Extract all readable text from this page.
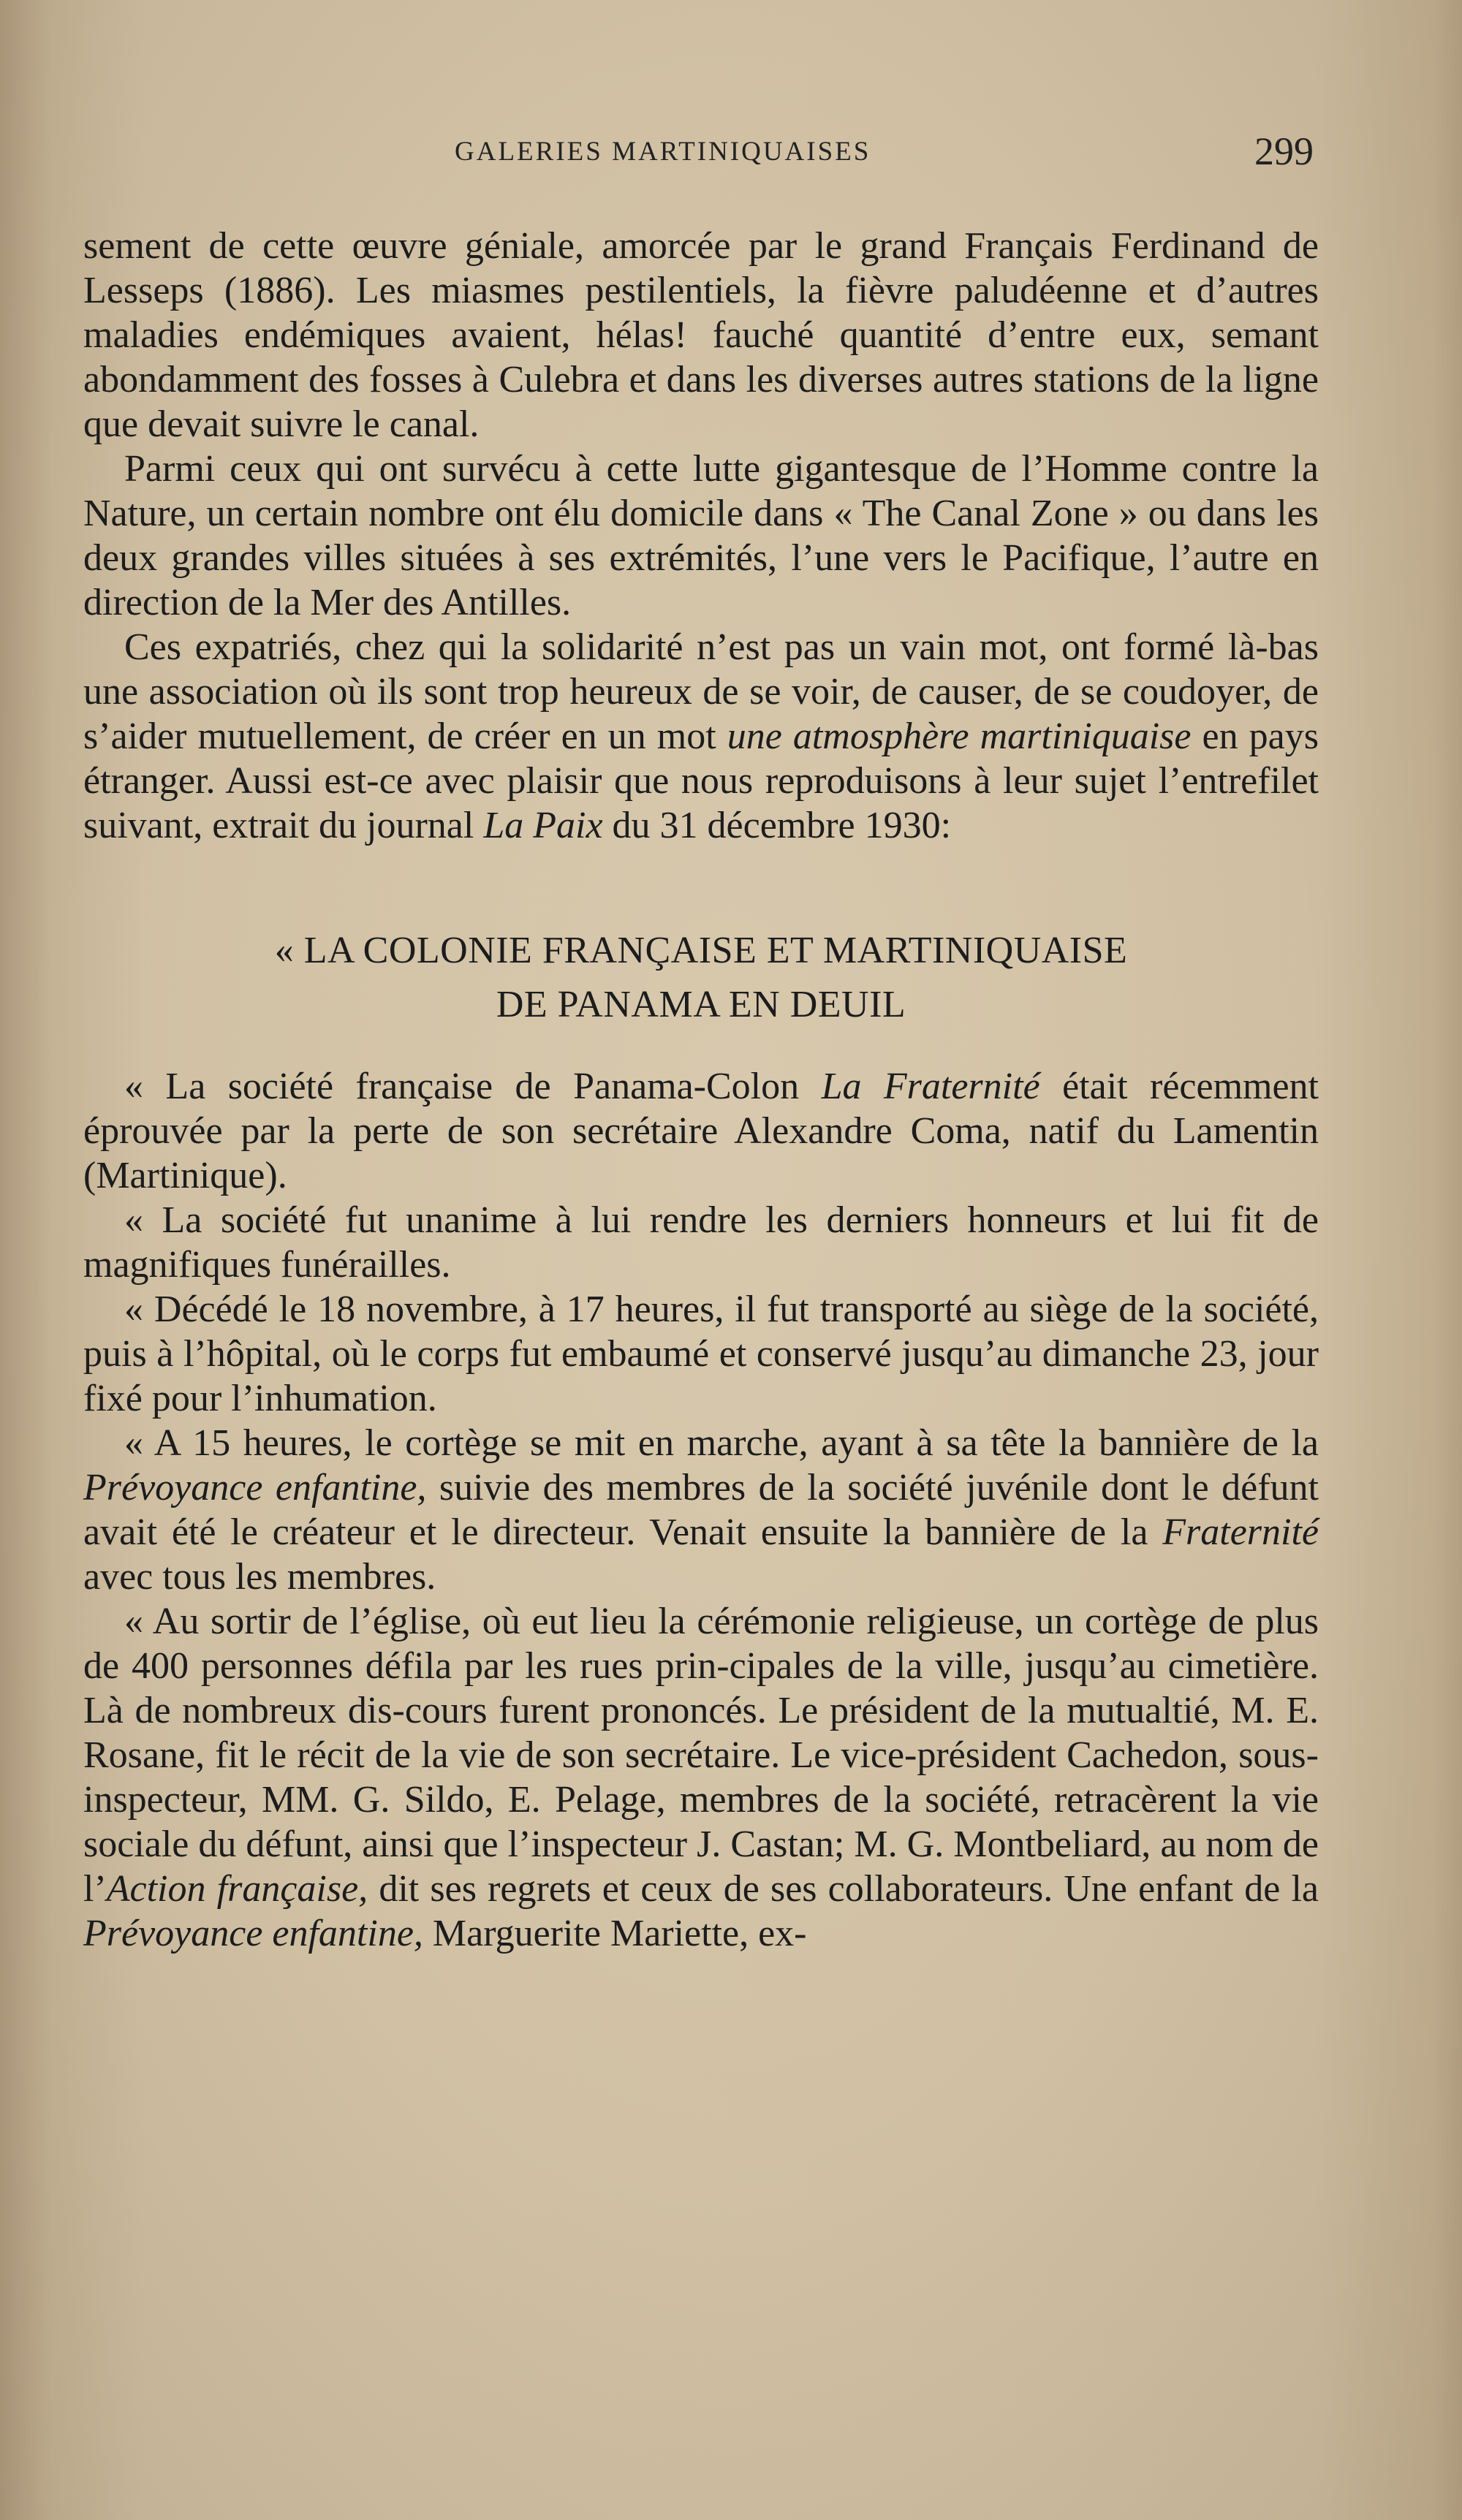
GALERIES MARTINIQUAISES	299

sement de cette œuvre géniale, amorcée par le grand Français Ferdinand de Lesseps (1886). Les miasmes pestilentiels, la fièvre paludéenne et d’autres maladies endémiques avaient, hélas! fauché quantité d’entre eux, semant abondamment des fosses à Culebra et dans les diverses autres stations de la ligne que devait suivre le canal.

Parmi ceux qui ont survécu à cette lutte gigantesque de l’Homme contre la Nature, un certain nombre ont élu domicile dans « The Canal Zone » ou dans les deux grandes villes situées à ses extrémités, l’une vers le Pacifique, l’autre en direction de la Mer des Antilles.

Ces expatriés, chez qui la solidarité n’est pas un vain mot, ont formé là-bas une association où ils sont trop heureux de se voir, de causer, de se coudoyer, de s’aider mutuellement, de créer en un mot une atmosphère martiniquaise en pays étranger. Aussi est-ce avec plaisir que nous reproduisons à leur sujet l’entrefilet suivant, extrait du journal La Paix du 31 décembre 1930:

« LA COLONIE FRANÇAISE ET MARTINIQUAISE
DE PANAMA EN DEUIL

« La société française de Panama-Colon La Fraternité était récemment éprouvée par la perte de son secrétaire Alexandre Coma, natif du Lamentin (Martinique).

« La société fut unanime à lui rendre les derniers honneurs et lui fit de magnifiques funérailles.

« Décédé le 18 novembre, à 17 heures, il fut transporté au siège de la société, puis à l’hôpital, où le corps fut embaumé et conservé jusqu’au dimanche 23, jour fixé pour l’inhumation.

« A 15 heures, le cortège se mit en marche, ayant à sa tête la bannière de la Prévoyance enfantine, suivie des membres de la société juvénile dont le défunt avait été le créateur et le directeur. Venait ensuite la bannière de la Fraternité avec tous les membres.

« Au sortir de l’église, où eut lieu la cérémonie religieuse, un cortège de plus de 400 personnes défila par les rues prin-cipales de la ville, jusqu’au cimetière. Là de nombreux dis-cours furent prononcés. Le président de la mutualtié, M. E. Rosane, fit le récit de la vie de son secrétaire. Le vice-président Cachedon, sous-inspecteur, MM. G. Sildo, E. Pelage, membres de la société, retracèrent la vie sociale du défunt, ainsi que l’inspecteur J. Castan; M. G. Montbeliard, au nom de l’Action française, dit ses regrets et ceux de ses collaborateurs. Une enfant de la Prévoyance enfantine, Marguerite Mariette, ex-
